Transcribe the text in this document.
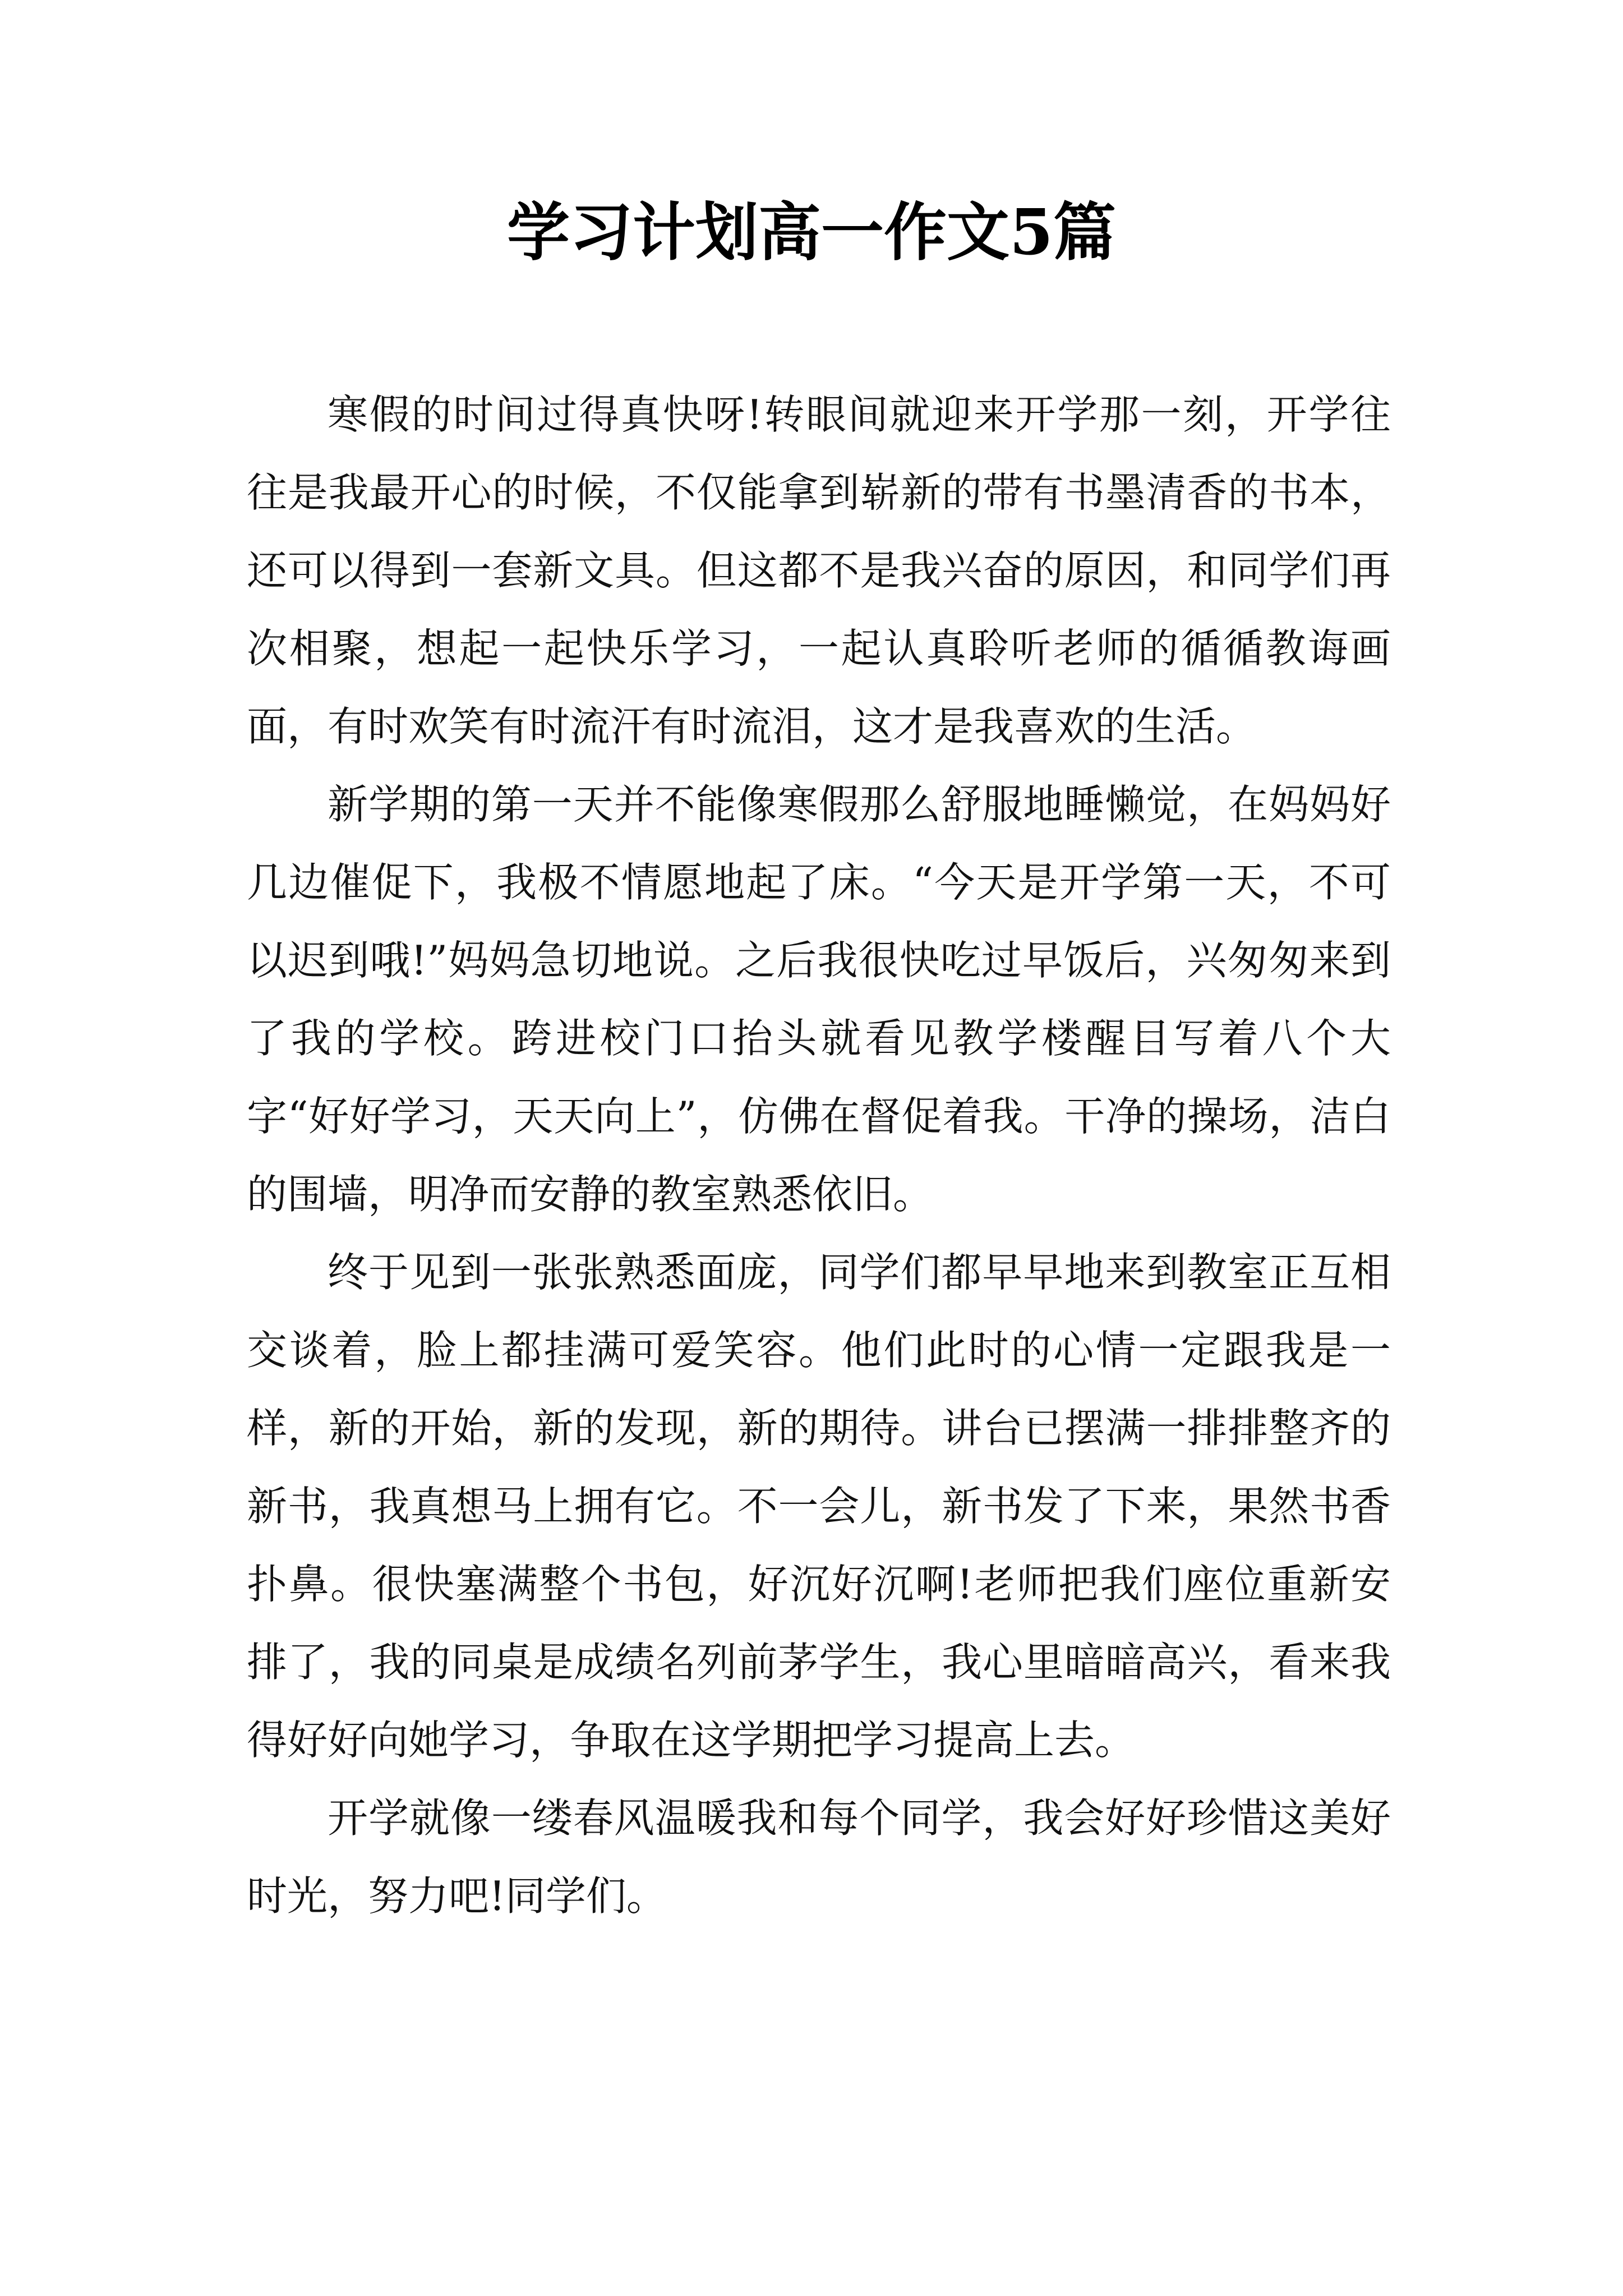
学习计划高一作文5篇

寒假的时间过得真快呀!转眼间就迎来开学那一刻，开学往往是我最开心的时候，不仅能拿到崭新的带有书墨清香的书本，还可以得到一套新文具。但这都不是我兴奋的原因，和同学们再次相聚，想起一起快乐学习，一起认真聆听老师的循循教诲画面，有时欢笑有时流汗有时流泪，这才是我喜欢的生活。

新学期的第一天并不能像寒假那么舒服地睡懒觉，在妈妈好几边催促下，我极不情愿地起了床。“今天是开学第一天，不可以迟到哦!”妈妈急切地说。之后我很快吃过早饭后，兴匆匆来到了我的学校。跨进校门口抬头就看见教学楼醒目写着八个大字“好好学习，天天向上”，仿佛在督促着我。干净的操场，洁白的围墙，明净而安静的教室熟悉依旧。

终于见到一张张熟悉面庞，同学们都早早地来到教室正互相交谈着，脸上都挂满可爱笑容。他们此时的心情一定跟我是一样，新的开始，新的发现，新的期待。讲台已摆满一排排整齐的新书，我真想马上拥有它。不一会儿，新书发了下来，果然书香扑鼻。很快塞满整个书包，好沉好沉啊!老师把我们座位重新安排了，我的同桌是成绩名列前茅学生，我心里暗暗高兴，看来我得好好向她学习，争取在这学期把学习提高上去。

开学就像一缕春风温暖我和每个同学，我会好好珍惜这美好时光，努力吧!同学们。
